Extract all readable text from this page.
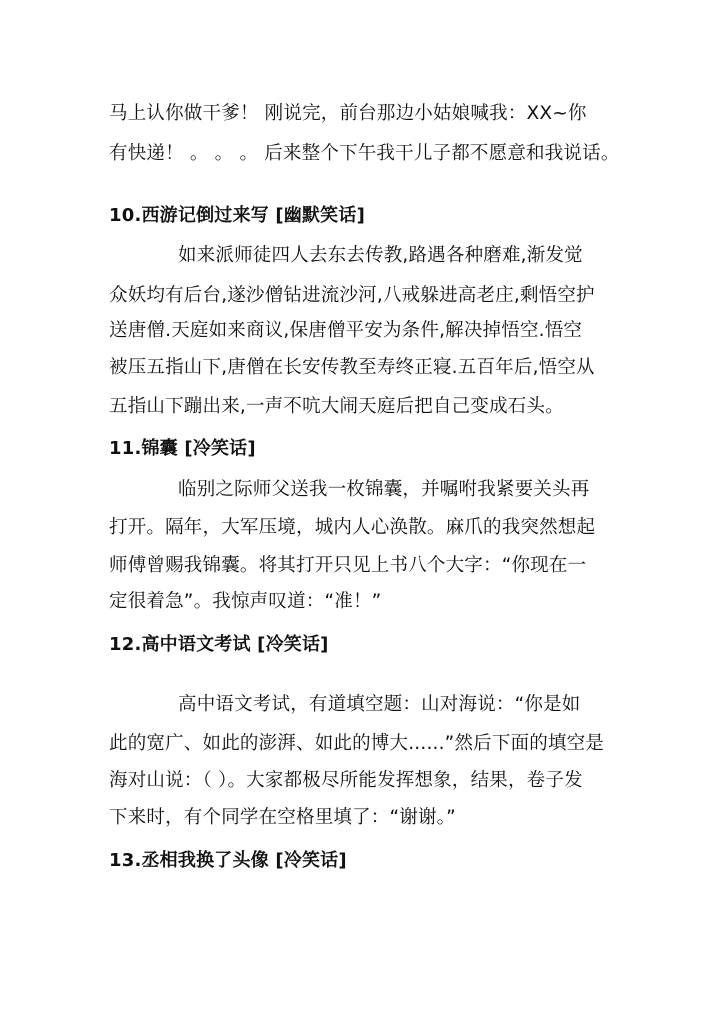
马上认你做干爹！ 刚说完，前台那边小姑娘喊我：XX~你
有快递！ 。 。 。 后来整个下午我干儿子都不愿意和我说话。
10.西游记倒过来写 [幽默笑话]
如来派师徒四人去东去传教,路遇各种磨难,渐发觉
众妖均有后台,遂沙僧钻进流沙河,八戒躲进高老庄,剩悟空护
送唐僧.天庭如来商议,保唐僧平安为条件,解决掉悟空.悟空
被压五指山下,唐僧在长安传教至寿终正寝.五百年后,悟空从
五指山下蹦出来,一声不吭大闹天庭后把自己变成石头。
11.锦囊 [冷笑话]
临别之际师父送我一枚锦囊，并嘱咐我紧要关头再
打开。隔年，大军压境，城内人心涣散。麻爪的我突然想起
师傅曾赐我锦囊。将其打开只见上书八个大字：“你现在一
定很着急”。我惊声叹道：“准！”
12.高中语文考试 [冷笑话]
高中语文考试，有道填空题：山对海说：“你是如
此的宽广、如此的澎湃、如此的博大......”然后下面的填空是
海对山说：（ ）。大家都极尽所能发挥想象，结果，卷子发
下来时，有个同学在空格里填了：“谢谢。”
13.丞相我换了头像 [冷笑话]
